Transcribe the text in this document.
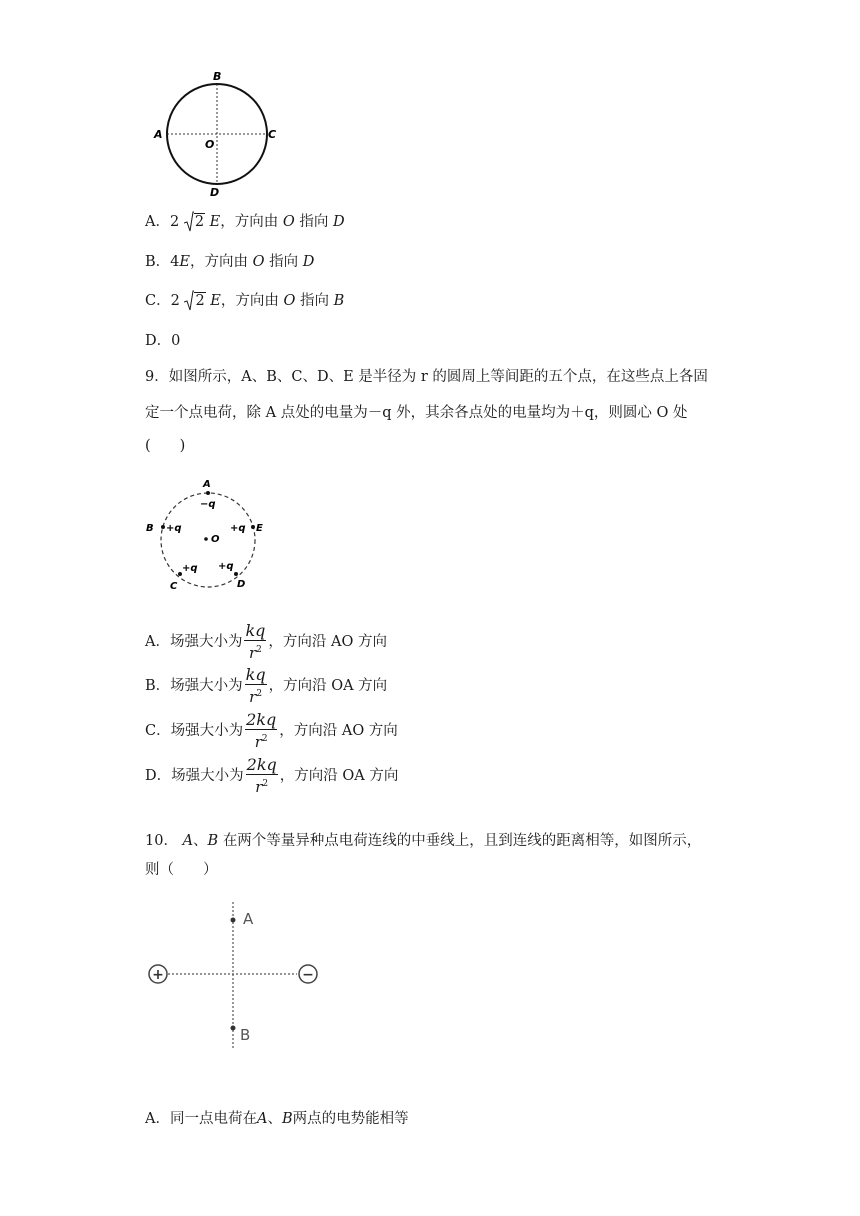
B
A	C
O
D
A．2 2 E，方向由 O 指向 D
B．4E，方向由 O 指向 D
C．2 2 E，方向由 O 指向 B
D．0
9．如图所示，A、B、C、D、E 是半径为 r 的圆周上等间距的五个点，在这些点上各固
定一个点电荷，除 A 点处的电量为－q 外，其余各点处的电量均为＋q，则圆心 O 处
(　　)
A
−q
B +q	+q E
O
+q +q
C	D
A．场强大小为 $\frac{kq}{r^2}$ ，方向沿 AO 方向
B．场强大小为 $\frac{kq}{r^2}$ ，方向沿 OA 方向
C．场强大小为 $\frac{2kq}{r^2}$ ，方向沿 AO 方向
D．场强大小为 $\frac{2kq}{r^2}$ ，方向沿 OA 方向
10． A、B 在两个等量异种点电荷连线的中垂线上，且到连线的距离相等，如图所示，
则（　　）
+	−
A
B
A．同一点电荷在A、B两点的电势能相等
